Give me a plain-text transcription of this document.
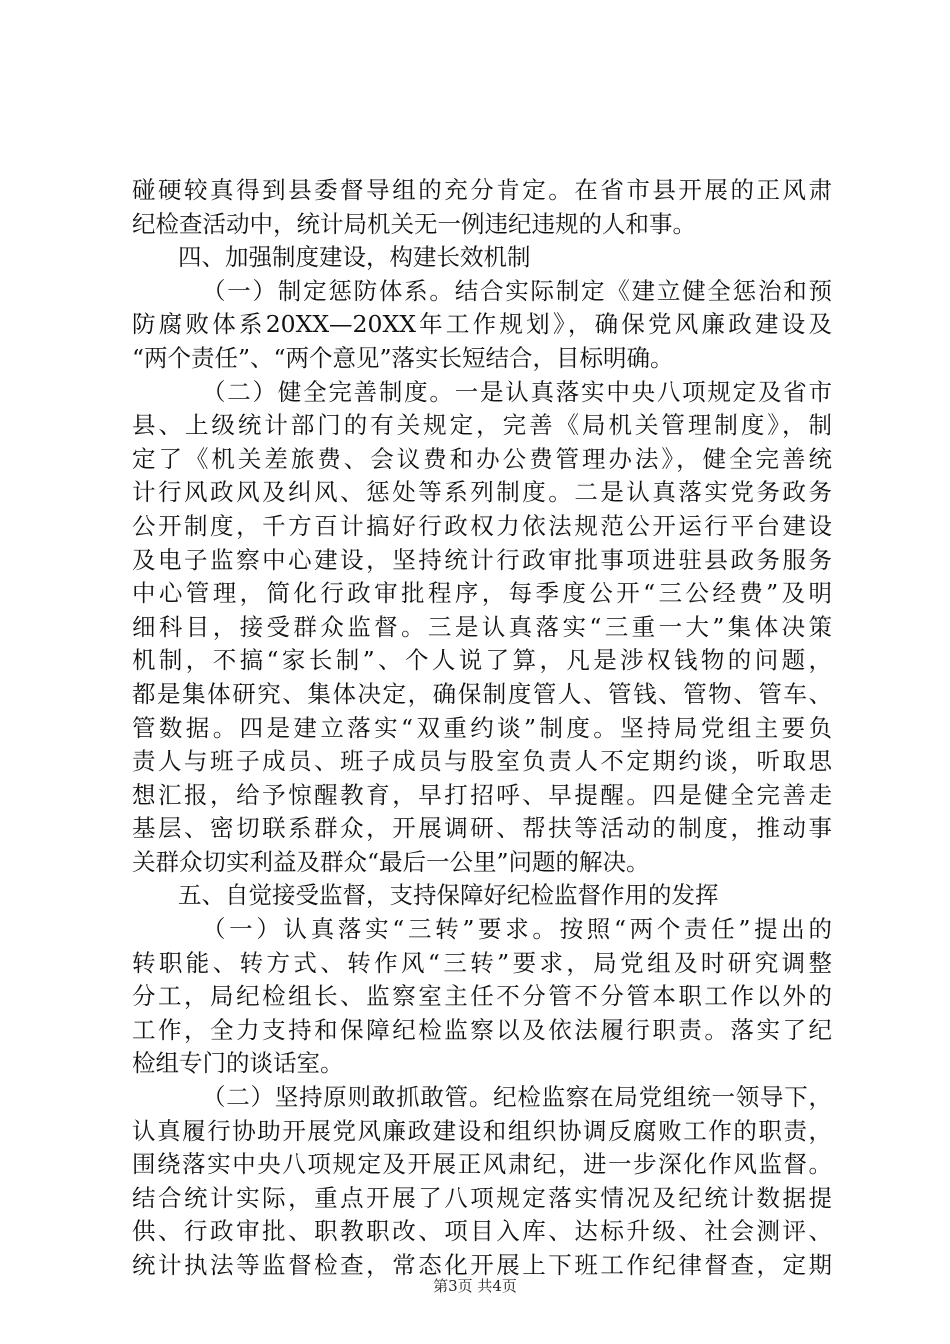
碰硬较真得到县委督导组的充分肯定。在省市县开展的正风肃
纪检查活动中，统计局机关无一例违纪违规的人和事。
四、加强制度建设，构建长效机制
（一）制定惩防体系。结合实际制定《建立健全惩治和预
防腐败体系20XX—20XX年工作规划》，确保党风廉政建设及
“两个责任”、“两个意见”落实长短结合，目标明确。
（二）健全完善制度。一是认真落实中央八项规定及省市
县、上级统计部门的有关规定，完善《局机关管理制度》，制
定了《机关差旅费、会议费和办公费管理办法》，健全完善统
计行风政风及纠风、惩处等系列制度。二是认真落实党务政务
公开制度，千方百计搞好行政权力依法规范公开运行平台建设
及电子监察中心建设，坚持统计行政审批事项进驻县政务服务
中心管理，简化行政审批程序，每季度公开“三公经费”及明
细科目，接受群众监督。三是认真落实“三重一大”集体决策
机制，不搞“家长制”、个人说了算，凡是涉权钱物的问题，
都是集体研究、集体决定，确保制度管人、管钱、管物、管车、
管数据。四是建立落实“双重约谈”制度。坚持局党组主要负
责人与班子成员、班子成员与股室负责人不定期约谈，听取思
想汇报，给予惊醒教育，早打招呼、早提醒。四是健全完善走
基层、密切联系群众，开展调研、帮扶等活动的制度，推动事
关群众切实利益及群众“最后一公里”问题的解决。
五、自觉接受监督，支持保障好纪检监督作用的发挥
（一）认真落实“三转”要求。按照“两个责任”提出的
转职能、转方式、转作风“三转”要求，局党组及时研究调整
分工，局纪检组长、监察室主任不分管不分管本职工作以外的
工作，全力支持和保障纪检监察以及依法履行职责。落实了纪
检组专门的谈话室。
（二）坚持原则敢抓敢管。纪检监察在局党组统一领导下，
认真履行协助开展党风廉政建设和组织协调反腐败工作的职责，
围绕落实中央八项规定及开展正风肃纪，进一步深化作风监督。
结合统计实际，重点开展了八项规定落实情况及纪统计数据提
供、行政审批、职教职改、项目入库、达标升级、社会测评、
统计执法等监督检查，常态化开展上下班工作纪律督查，定期
第3页 共4页
